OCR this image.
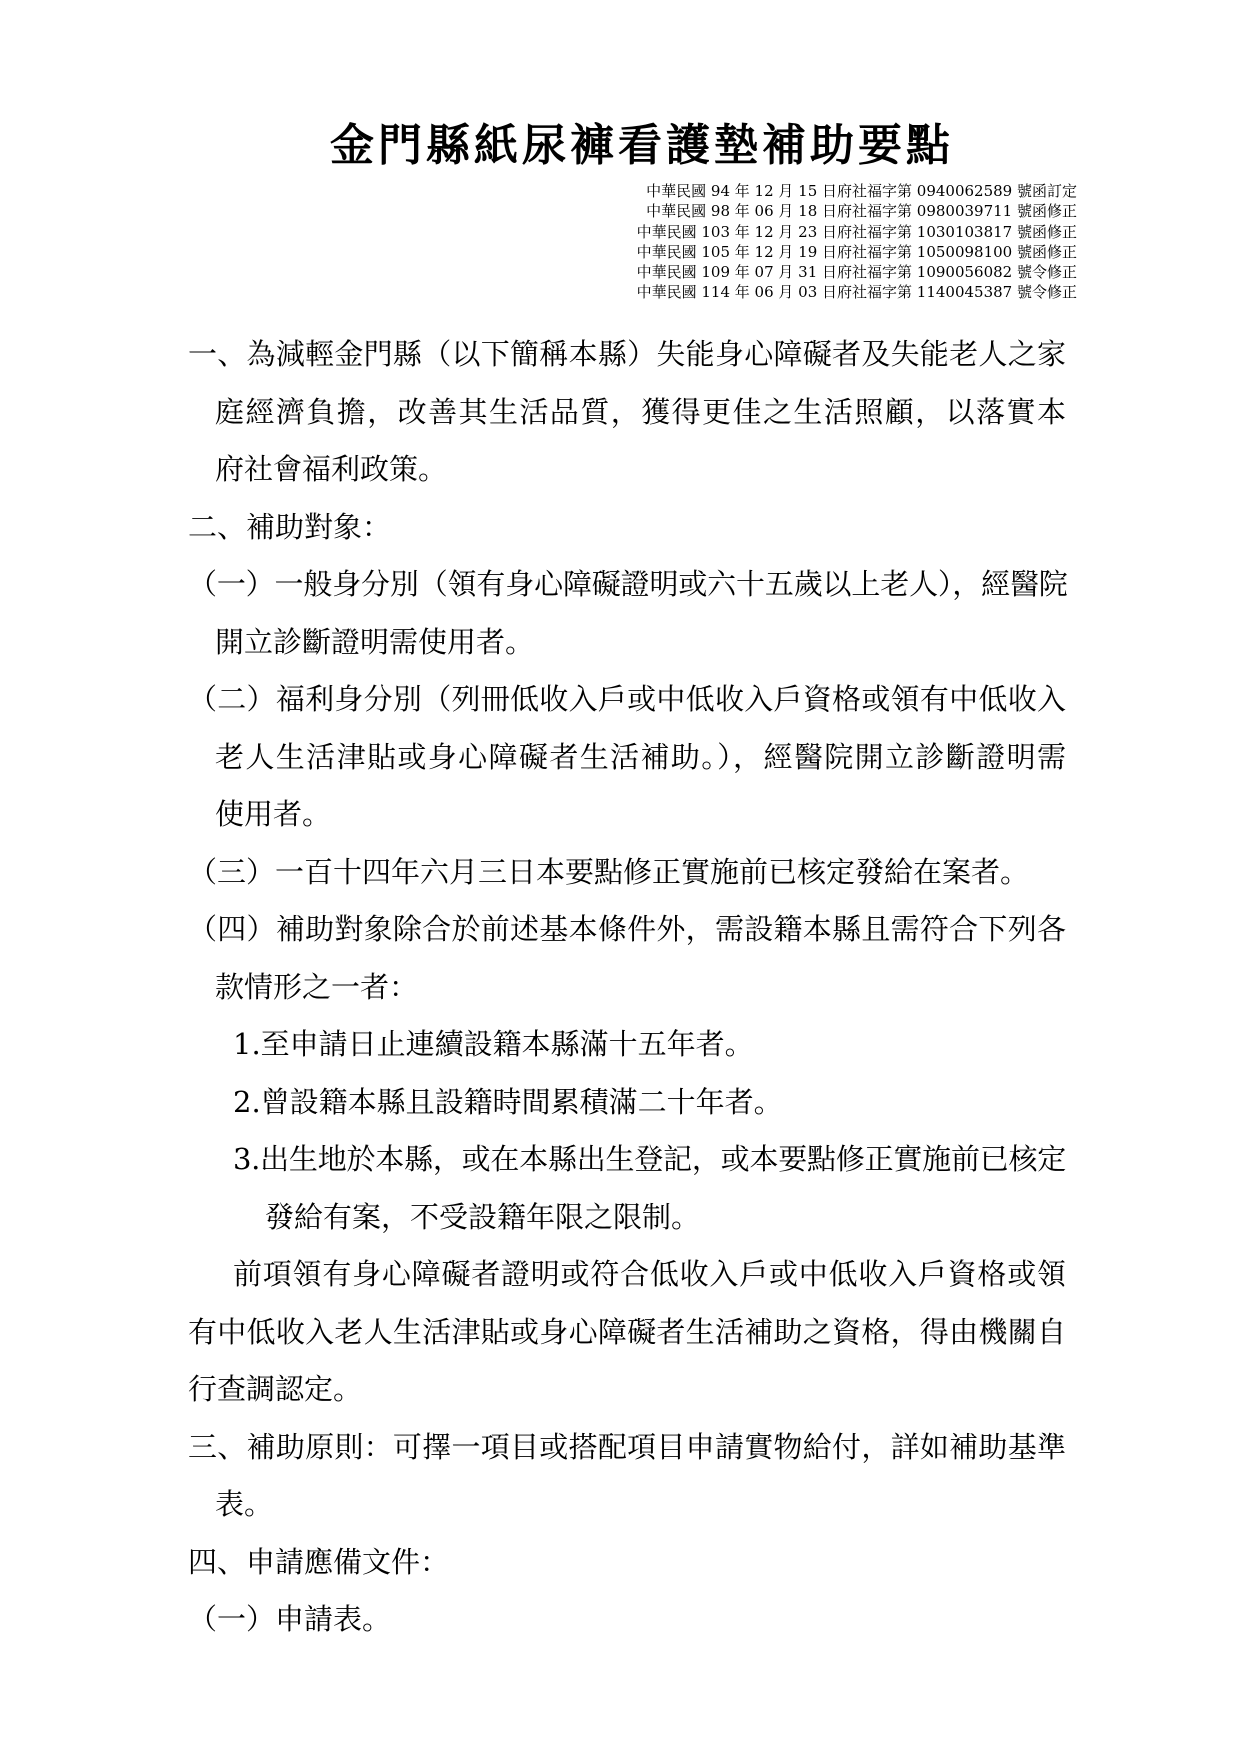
金門縣紙尿褲看護墊補助要點
中華民國 94 年 12 月 15 日府社福字第 0940062589 號函訂定
中華民國 98 年 06 月 18 日府社福字第 0980039711 號函修正
中華民國 103 年 12 月 23 日府社福字第 1030103817 號函修正
中華民國 105 年 12 月 19 日府社福字第 1050098100 號函修正
中華民國 109 年 07 月 31 日府社福字第 1090056082 號令修正
中華民國 114 年 06 月 03 日府社福字第 1140045387 號令修正
一、為減輕金門縣（以下簡稱本縣）失能身心障礙者及失能老人之家
庭經濟負擔，改善其生活品質，獲得更佳之生活照顧，以落實本
府社會福利政策。
二、補助對象：
（一）一般身分別（領有身心障礙證明或六十五歲以上老人），經醫院
開立診斷證明需使用者。
（二）福利身分別（列冊低收入戶或中低收入戶資格或領有中低收入
老人生活津貼或身心障礙者生活補助。），經醫院開立診斷證明需
使用者。
（三）一百十四年六月三日本要點修正實施前已核定發給在案者。
（四）補助對象除合於前述基本條件外，需設籍本縣且需符合下列各
款情形之一者：
1.至申請日止連續設籍本縣滿十五年者。
2.曾設籍本縣且設籍時間累積滿二十年者。
3.出生地於本縣，或在本縣出生登記，或本要點修正實施前已核定
發給有案，不受設籍年限之限制。
前項領有身心障礙者證明或符合低收入戶或中低收入戶資格或領
有中低收入老人生活津貼或身心障礙者生活補助之資格，得由機關自
行查調認定。
三、補助原則：可擇一項目或搭配項目申請實物給付，詳如補助基準
表。
四、申請應備文件：
（一）申請表。
